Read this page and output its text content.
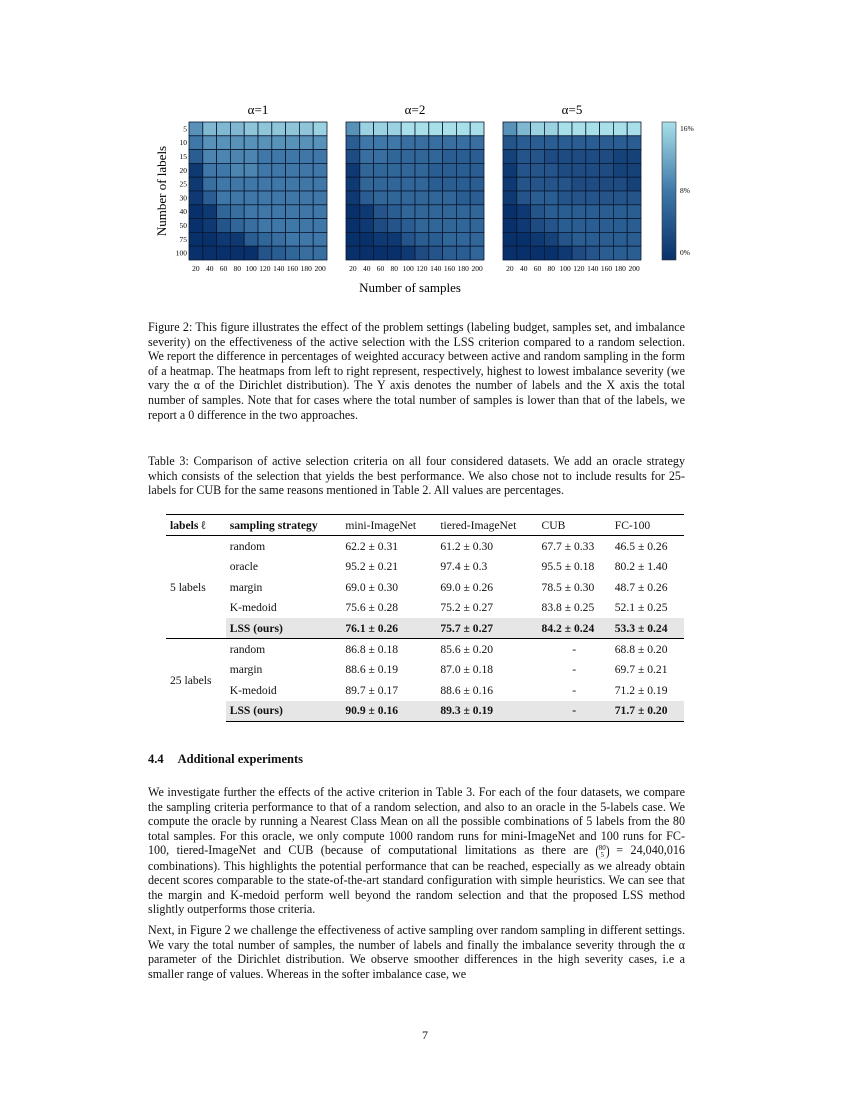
α=1
20 40 60 80 100 120 140 160 180 200
α=2
20 40 60 80 100 120 140 160 180 200
α=5
20 40 60 80 100 120 140 160 180 200
5
10
15
20
25
30
40
50
75
100
Number of labels
Number of samples
16%
8%
0%

Figure 2: This figure illustrates the effect of the problem settings (labeling budget, samples set, and imbalance severity) on the effectiveness of the active selection with the LSS criterion compared to a random selection. We report the difference in percentages of weighted accuracy between active and random sampling in the form of a heatmap. The heatmaps from left to right represent, respectively, highest to lowest imbalance severity (we vary the α of the Dirichlet distribution). The Y axis denotes the number of labels and the X axis the total number of samples. Note that for cases where the total number of samples is lower than that of the labels, we report a 0 difference in the two approaches.

Table 3: Comparison of active selection criteria on all four considered datasets. We add an oracle strategy which consists of the selection that yields the best performance. We also chose not to include results for 25-labels for CUB for the same reasons mentioned in Table 2. All values are percentages.

labels ℓ	sampling strategy	mini-ImageNet	tiered-ImageNet	CUB	FC-100
5 labels	random	62.2 ± 0.31	61.2 ± 0.30	67.7 ± 0.33	46.5 ± 0.26
	oracle	95.2 ± 0.21	97.4 ± 0.3	95.5 ± 0.18	80.2 ± 1.40
	margin	69.0 ± 0.30	69.0 ± 0.26	78.5 ± 0.30	48.7 ± 0.26
	K-medoid	75.6 ± 0.28	75.2 ± 0.27	83.8 ± 0.25	52.1 ± 0.25
	LSS (ours)	76.1 ± 0.26	75.7 ± 0.27	84.2 ± 0.24	53.3 ± 0.24
25 labels	random	86.8 ± 0.18	85.6 ± 0.20	-	68.8 ± 0.20
	margin	88.6 ± 0.19	87.0 ± 0.18	-	69.7 ± 0.21
	K-medoid	89.7 ± 0.17	88.6 ± 0.16	-	71.2 ± 0.19
	LSS (ours)	90.9 ± 0.16	89.3 ± 0.19	-	71.7 ± 0.20
4.4 Additional experiments

We investigate further the effects of the active criterion in Table 3. For each of the four datasets, we compare the sampling criteria performance to that of a random selection, and also to an oracle in the 5-labels case. We compute the oracle by running a Nearest Class Mean on all the possible combinations of 5 labels from the 80 total samples. For this oracle, we only compute 1000 random runs for mini-ImageNet and 100 runs for FC-100, tiered-ImageNet and CUB (because of computational limitations as there are 80
5 = 24,040,016 combinations). This highlights the potential performance that can be reached, especially as we already obtain decent scores comparable to the state-of-the-art standard configuration with simple heuristics. We can see that the margin and K-medoid perform well beyond the random selection and that the proposed LSS method slightly outperforms those criteria.

Next, in Figure 2 we challenge the effectiveness of active sampling over random sampling in different settings. We vary the total number of samples, the number of labels and finally the imbalance severity through the α parameter of the Dirichlet distribution. We observe smoother differences in the high severity cases, i.e a smaller range of values. Whereas in the softer imbalance case, we

7
